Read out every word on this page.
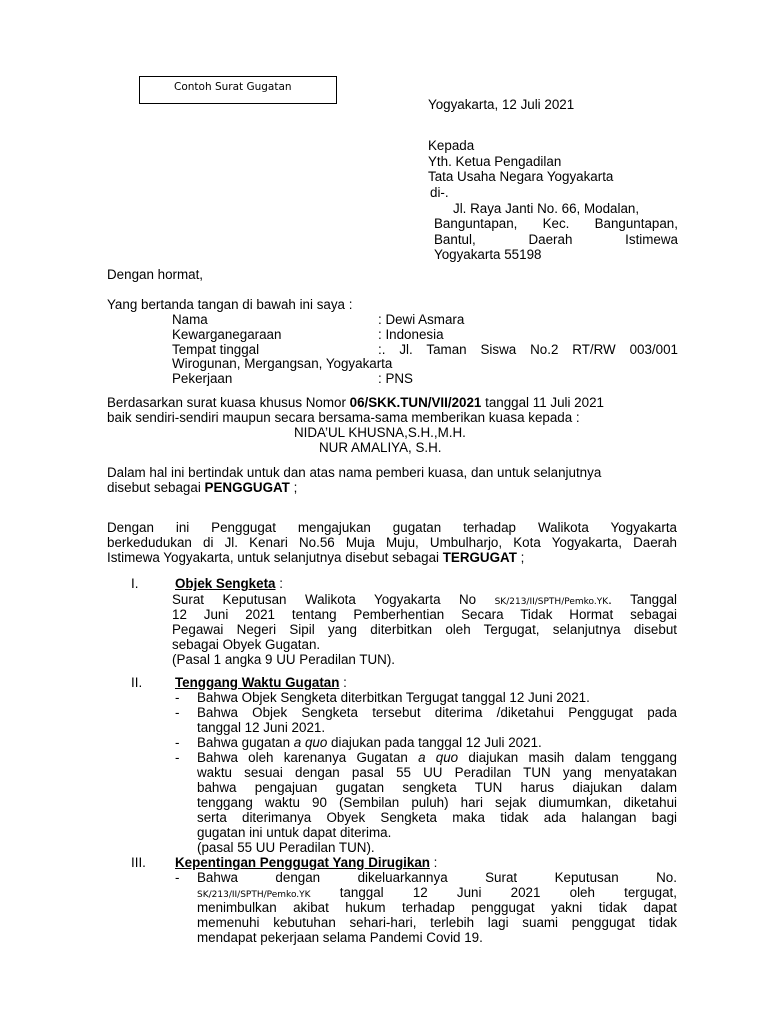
Contoh Surat Gugatan
Yogyakarta, 12 Juli 2021
Kepada
Yth. Ketua Pengadilan
Tata Usaha Negara Yogyakarta
di-.
Jl. Raya Janti No. 66, Modalan,
Banguntapan, Kec. Banguntapan,
Bantul,	Daerah	Istimewa
Yogyakarta 55198
Dengan hormat,
Yang bertanda tangan di bawah ini saya :
Nama	: Dewi Asmara
Kewarganegaraan	: Indonesia
Tempat tinggal	:. Jl. Taman Siswa No.2 RT/RW 003/001
Wirogunan, Mergangsan, Yogyakarta
Pekerjaan	: PNS
Berdasarkan surat kuasa khusus Nomor 06/SKK.TUN/VII/2021 tanggal 11 Juli 2021
baik sendiri-sendiri maupun secara bersama-sama memberikan kuasa kepada :
NIDA’UL KHUSNA,S.H.,M.H.
NUR AMALIYA, S.H.
Dalam hal ini bertindak untuk dan atas nama pemberi kuasa, dan untuk selanjutnya
disebut sebagai PENGGUGAT ;
Dengan ini Penggugat mengajukan gugatan terhadap Walikota Yogyakarta
berkedudukan di Jl. Kenari No.56 Muja Muju, Umbulharjo, Kota Yogyakarta, Daerah
Istimewa Yogyakarta, untuk selanjutnya disebut sebagai TERGUGAT ;
I.	Objek Sengketa :
Surat Keputusan Walikota Yogyakarta No SK/213/II/SPTH/Pemko.YK. Tanggal
12 Juni 2021 tentang Pemberhentian Secara Tidak Hormat sebagai
Pegawai Negeri Sipil yang diterbitkan oleh Tergugat, selanjutnya disebut
sebagai Obyek Gugatan.
(Pasal 1 angka 9 UU Peradilan TUN).
II. Tenggang Waktu Gugatan :
- Bahwa Objek Sengketa diterbitkan Tergugat tanggal 12 Juni 2021.
- Bahwa Objek Sengketa tersebut diterima /diketahui Penggugat pada
tanggal 12 Juni 2021.
- Bahwa gugatan a quo diajukan pada tanggal 12 Juli 2021.
- Bahwa oleh karenanya Gugatan a quo diajukan masih dalam tenggang
waktu sesuai dengan pasal 55 UU Peradilan TUN yang menyatakan
bahwa pengajuan gugatan sengketa TUN harus diajukan dalam
tenggang waktu 90 (Sembilan puluh) hari sejak diumumkan, diketahui
serta diterimanya Obyek Sengketa maka tidak ada halangan bagi
gugatan ini untuk dapat diterima.
(pasal 55 UU Peradilan TUN).
III. Kepentingan Penggugat Yang Dirugikan :
- Bahwa	dengan	dikeluarkannya	Surat	Keputusan	No.
SK/213/II/SPTH/Pemko.YK tanggal 12 Juni 2021 oleh tergugat,
menimbulkan akibat hukum terhadap penggugat yakni tidak dapat
memenuhi kebutuhan sehari-hari, terlebih lagi suami penggugat tidak
mendapat pekerjaan selama Pandemi Covid 19.
